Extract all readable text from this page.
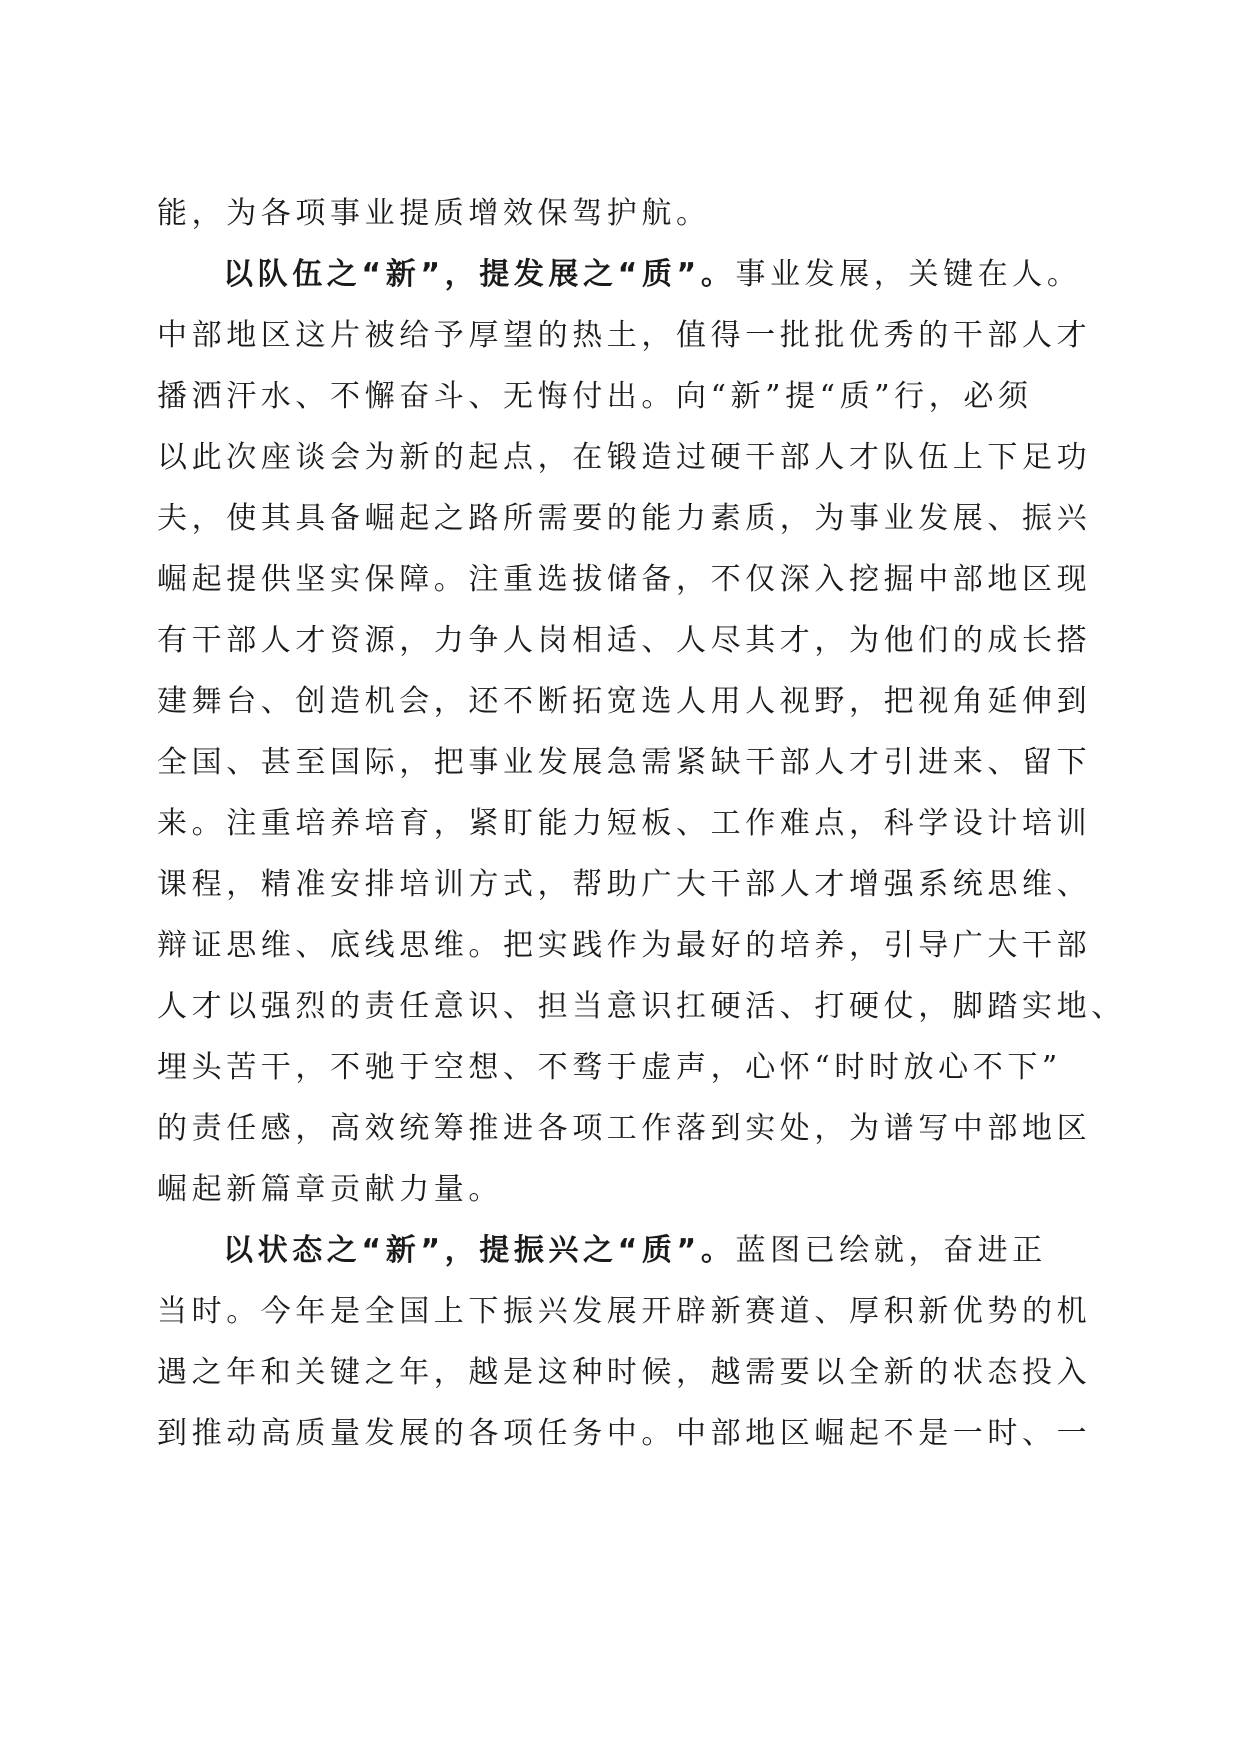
能，为各项事业提质增效保驾护航。
以队伍之“新”，提发展之“质”。事业发展，关键在人。
中部地区这片被给予厚望的热土，值得一批批优秀的干部人才
播洒汗水、不懈奋斗、无悔付出。向“新”提“质”行，必须
以此次座谈会为新的起点，在锻造过硬干部人才队伍上下足功
夫，使其具备崛起之路所需要的能力素质，为事业发展、振兴
崛起提供坚实保障。注重选拔储备，不仅深入挖掘中部地区现
有干部人才资源，力争人岗相适、人尽其才，为他们的成长搭
建舞台、创造机会，还不断拓宽选人用人视野，把视角延伸到
全国、甚至国际，把事业发展急需紧缺干部人才引进来、留下
来。注重培养培育，紧盯能力短板、工作难点，科学设计培训
课程，精准安排培训方式，帮助广大干部人才增强系统思维、
辩证思维、底线思维。把实践作为最好的培养，引导广大干部
人才以强烈的责任意识、担当意识扛硬活、打硬仗，脚踏实地、
埋头苦干，不驰于空想、不骛于虚声，心怀“时时放心不下”
的责任感，高效统筹推进各项工作落到实处，为谱写中部地区
崛起新篇章贡献力量。
以状态之“新”，提振兴之“质”。蓝图已绘就，奋进正
当时。今年是全国上下振兴发展开辟新赛道、厚积新优势的机
遇之年和关键之年，越是这种时候，越需要以全新的状态投入
到推动高质量发展的各项任务中。中部地区崛起不是一时、一
